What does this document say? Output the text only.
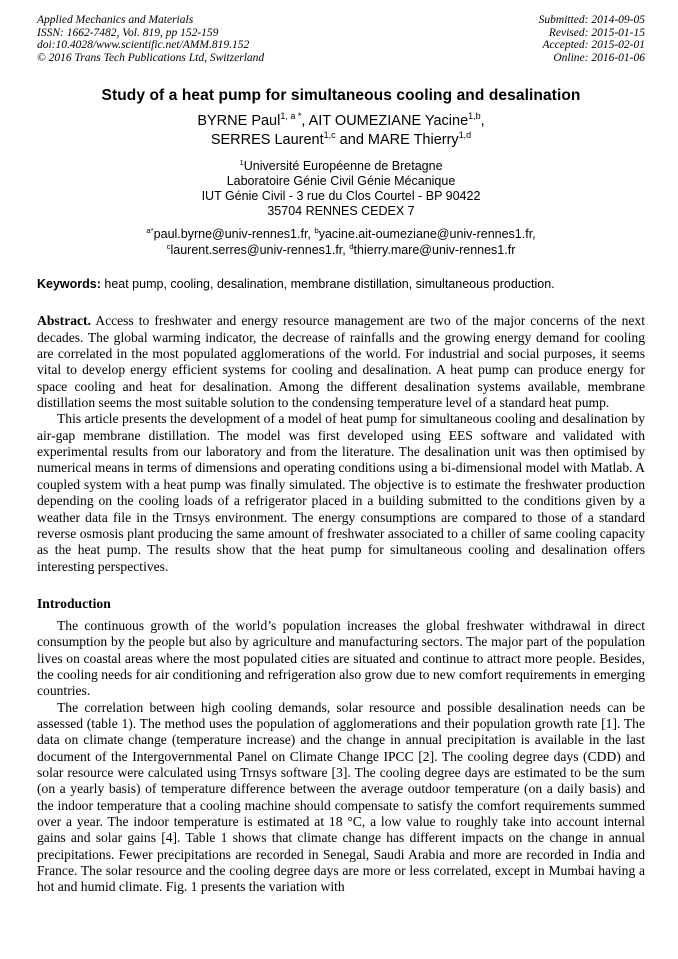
Applied Mechanics and Materials
ISSN: 1662-7482, Vol. 819, pp 152-159
doi:10.4028/www.scientific.net/AMM.819.152
© 2016 Trans Tech Publications Ltd, Switzerland
Submitted: 2014-09-05
Revised: 2015-01-15
Accepted: 2015-02-01
Online: 2016-01-06
Study of a heat pump for simultaneous cooling and desalination
BYRNE Paul$^{1, a *}$, AIT OUMEZIANE Yacine$^{1,b}$,
SERRES Laurent$^{1,c}$ and MARE Thierry$^{1,d}$
$^1$Université Européenne de Bretagne
Laboratoire Génie Civil Génie Mécanique
IUT Génie Civil - 3 rue du Clos Courtel - BP 90422
35704 RENNES CEDEX 7
$^{a*}$paul.byrne@univ-rennes1.fr, $^b$yacine.ait-oumeziane@univ-rennes1.fr,
$^c$laurent.serres@univ-rennes1.fr, $^d$thierry.mare@univ-rennes1.fr
Keywords: heat pump, cooling, desalination, membrane distillation, simultaneous production.

Abstract. Access to freshwater and energy resource management are two of the major concerns of the next decades. The global warming indicator, the decrease of rainfalls and the growing energy demand for cooling are correlated in the most populated agglomerations of the world. For industrial and social purposes, it seems vital to develop energy efficient systems for cooling and desalination. A heat pump can produce energy for space cooling and heat for desalination. Among the different desalination systems available, membrane distillation seems the most suitable solution to the condensing temperature level of a standard heat pump.

This article presents the development of a model of heat pump for simultaneous cooling and desalination by air-gap membrane distillation. The model was first developed using EES software and validated with experimental results from our laboratory and from the literature. The desalination unit was then optimised by numerical means in terms of dimensions and operating conditions using a bi-dimensional model with Matlab. A coupled system with a heat pump was finally simulated. The objective is to estimate the freshwater production depending on the cooling loads of a refrigerator placed in a building submitted to the conditions given by a weather data file in the Trnsys environment. The energy consumptions are compared to those of a standard reverse osmosis plant producing the same amount of freshwater associated to a chiller of same cooling capacity as the heat pump. The results show that the heat pump for simultaneous cooling and desalination offers interesting perspectives.

Introduction

The continuous growth of the world’s population increases the global freshwater withdrawal in direct consumption by the people but also by agriculture and manufacturing sectors. The major part of the population lives on coastal areas where the most populated cities are situated and continue to attract more people. Besides, the cooling needs for air conditioning and refrigeration also grow due to new comfort requirements in emerging countries.

The correlation between high cooling demands, solar resource and possible desalination needs can be assessed (table 1). The method uses the population of agglomerations and their population growth rate [1]. The data on climate change (temperature increase) and the change in annual precipitation is available in the last document of the Intergovernmental Panel on Climate Change IPCC [2]. The cooling degree days (CDD) and solar resource were calculated using Trnsys software [3]. The cooling degree days are estimated to be the sum (on a yearly basis) of temperature difference between the average outdoor temperature (on a daily basis) and the indoor temperature that a cooling machine should compensate to satisfy the comfort requirements summed over a year. The indoor temperature is estimated at 18 °C, a low value to roughly take into account internal gains and solar gains [4]. Table 1 shows that climate change has different impacts on the change in annual precipitations. Fewer precipitations are recorded in Senegal, Saudi Arabia and more are recorded in India and France. The solar resource and the cooling degree days are more or less correlated, except in Mumbai having a hot and humid climate. Fig. 1 presents the variation with
